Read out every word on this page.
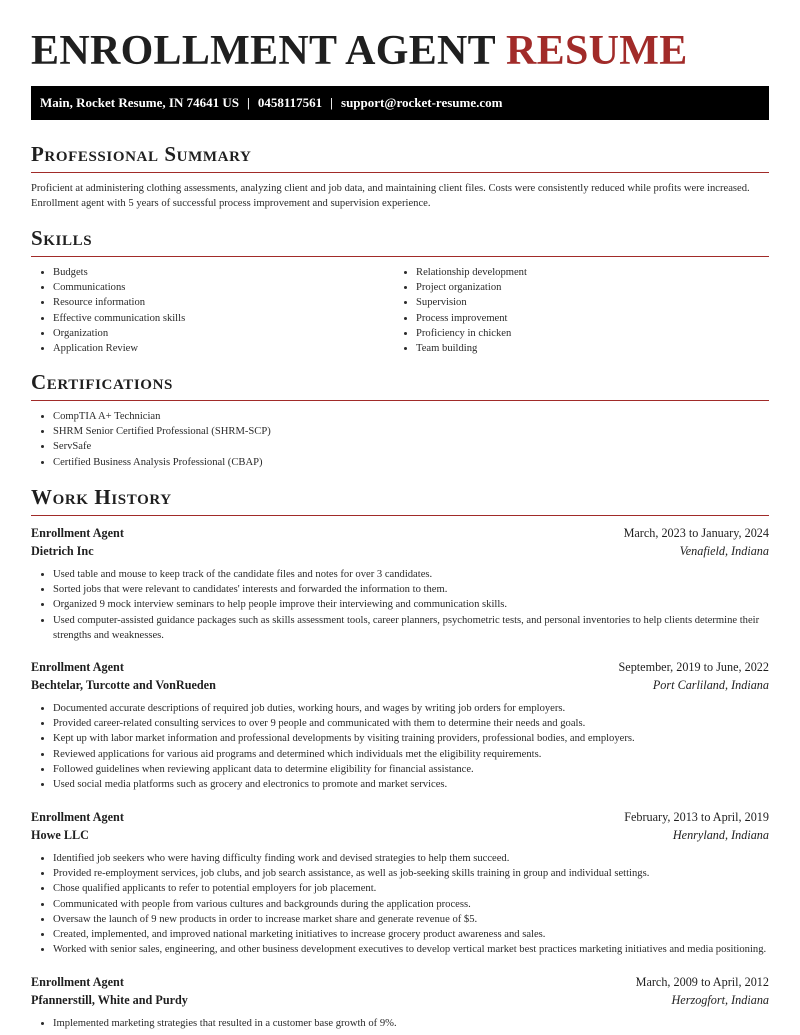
ENROLLMENT AGENT RESUME
Main, Rocket Resume, IN 74641 US | 0458117561 | support@rocket-resume.com
Professional Summary

Proficient at administering clothing assessments, analyzing client and job data, and maintaining client files. Costs were consistently reduced while profits were increased. Enrollment agent with 5 years of successful process improvement and supervision experience.

Skills
• Budgets
• Communications
• Resource information
• Effective communication skills
• Organization
• Application Review
• Relationship development
• Project organization
• Supervision
• Process improvement
• Proficiency in chicken
• Team building
Certifications
• CompTIA A+ Technician
• SHRM Senior Certified Professional (SHRM-SCP)
• ServSafe
• Certified Business Analysis Professional (CBAP)
Work History
Enrollment Agent	March, 2023 to January, 2024
Dietrich Inc	Venafield, Indiana
• Used table and mouse to keep track of the candidate files and notes for over 3 candidates.
• Sorted jobs that were relevant to candidates' interests and forwarded the information to them.
• Organized 9 mock interview seminars to help people improve their interviewing and communication skills.
• Used computer-assisted guidance packages such as skills assessment tools, career planners, psychometric tests, and personal inventories to help clients determine their strengths and weaknesses.
Enrollment Agent	September, 2019 to June, 2022
Bechtelar, Turcotte and VonRueden	Port Carliland, Indiana
• Documented accurate descriptions of required job duties, working hours, and wages by writing job orders for employers.
• Provided career-related consulting services to over 9 people and communicated with them to determine their needs and goals.
• Kept up with labor market information and professional developments by visiting training providers, professional bodies, and employers.
• Reviewed applications for various aid programs and determined which individuals met the eligibility requirements.
• Followed guidelines when reviewing applicant data to determine eligibility for financial assistance.
• Used social media platforms such as grocery and electronics to promote and market services.
Enrollment Agent	February, 2013 to April, 2019
Howe LLC	Henryland, Indiana
• Identified job seekers who were having difficulty finding work and devised strategies to help them succeed.
• Provided re-employment services, job clubs, and job search assistance, as well as job-seeking skills training in group and individual settings.
• Chose qualified applicants to refer to potential employers for job placement.
• Communicated with people from various cultures and backgrounds during the application process.
• Oversaw the launch of 9 new products in order to increase market share and generate revenue of $5.
• Created, implemented, and improved national marketing initiatives to increase grocery product awareness and sales.
• Worked with senior sales, engineering, and other business development executives to develop vertical market best practices marketing initiatives and media positioning.
Enrollment Agent	March, 2009 to April, 2012
Pfannerstill, White and Purdy	Herzogfort, Indiana
• Implemented marketing strategies that resulted in a customer base growth of 9%.
